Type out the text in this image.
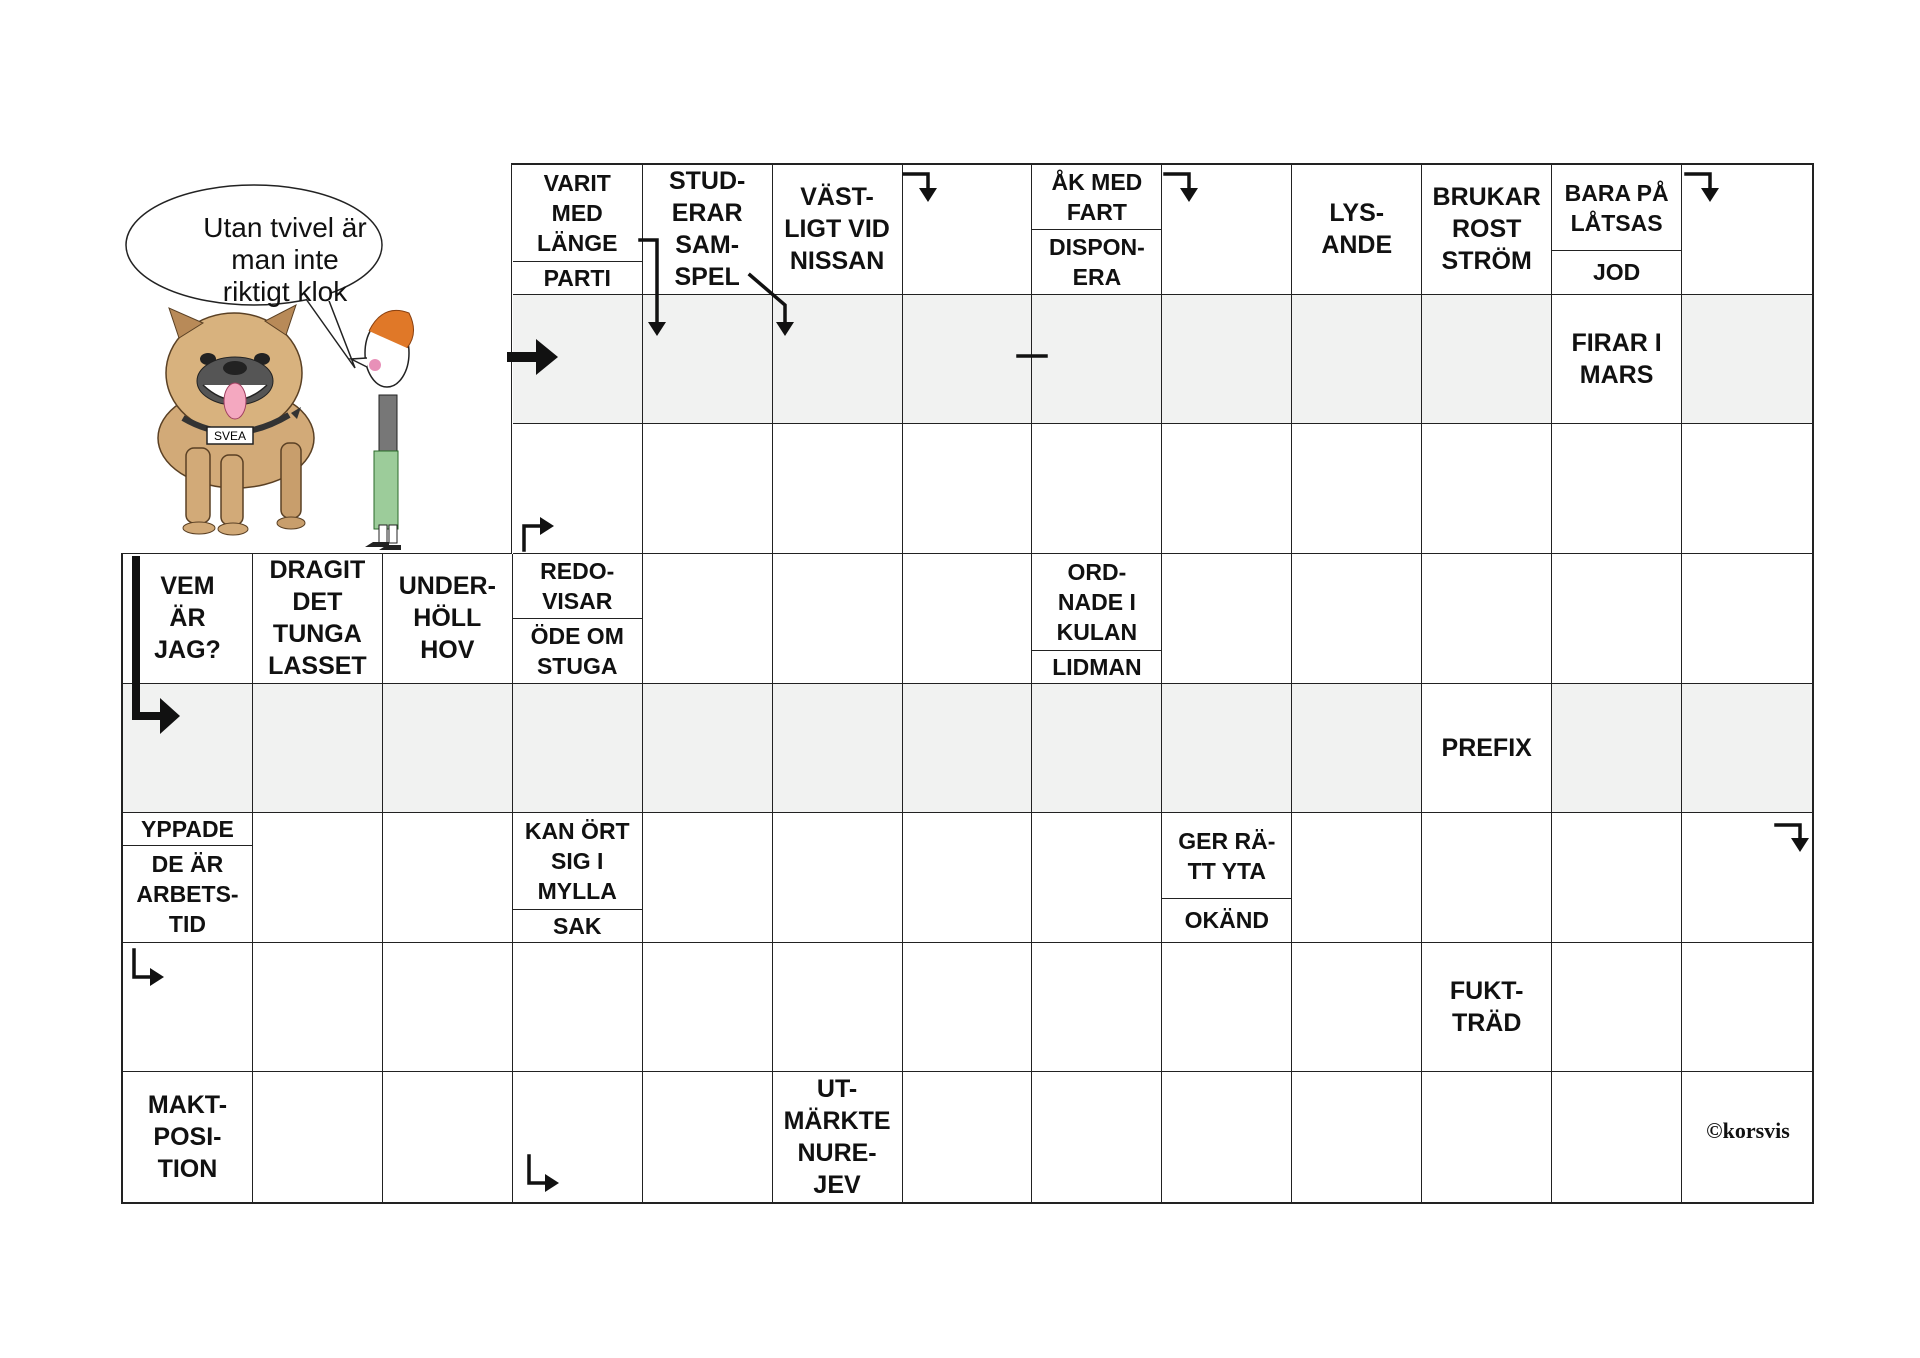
VARIT
MED
LÄNGE
PARTI
STUD-
ERAR
SAM-
SPEL
VÄST-
LIGT VID
NISSAN
ÅK MED
FART
DISPON-
ERA
LYS-
ANDE
BRUKAR
ROST
STRÖM
BARA PÅ
LÅTSAS
JOD
FIRAR I
MARS
VEM
ÄR
JAG?
DRAGIT
DET
TUNGA
LASSET
UNDER-
HÖLL
HOV
REDO-
VISAR
ÖDE OM
STUGA
ORD-
NADE I
KULAN
LIDMAN
PREFIX
YPPADE
DE ÄR
ARBETS-
TID
KAN ÖRT
SIG I
MYLLA
SAK
GER RÄ-
TT YTA
OKÄND
FUKT-
TRÄD
MAKT-
POSI-
TION
UT-
MÄRKTE
NURE-
JEV
SVEA
Utan tvivel är
man inte
riktigt klok
©korsvis
